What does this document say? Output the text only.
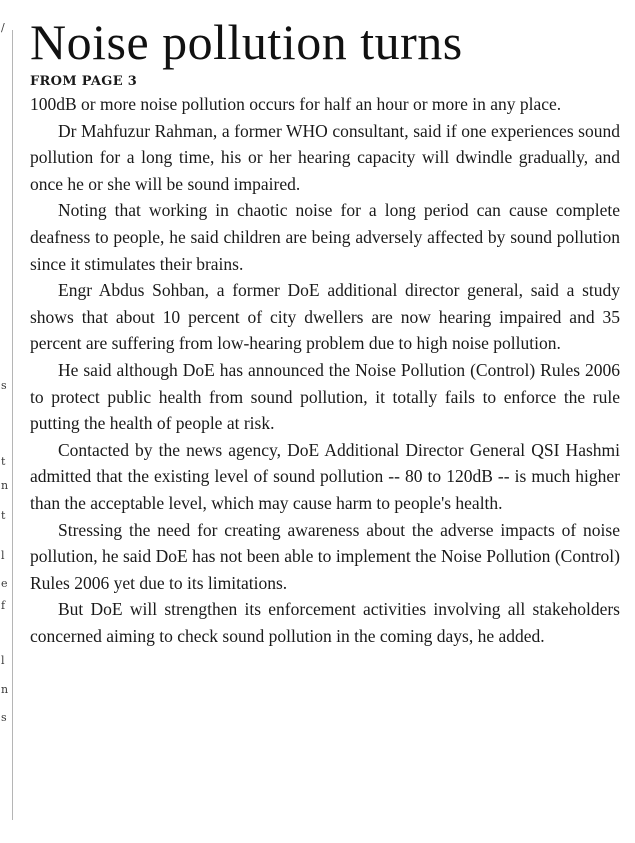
/
s
t
n
t
l
e
f
l
n
s
Noise pollution turns
FROM PAGE 3

100dB or more noise pollution occurs for half an hour or more in any place.

Dr Mahfuzur Rahman, a former WHO consultant, said if one experiences sound pollution for a long time, his or her hearing capacity will dwindle gradually, and once he or she will be sound impaired.

Noting that working in chaotic noise for a long period can cause complete deafness to people, he said children are being adversely affected by sound pollution since it stimulates their brains.

Engr Abdus Sohban, a former DoE additional director general, said a study shows that about 10 percent of city dwellers are now hearing impaired and 35 percent are suffering from low-hearing problem due to high noise pollution.

He said although DoE has announced the Noise Pollution (Control) Rules 2006 to protect public health from sound pollution, it totally fails to enforce the rule putting the health of people at risk.

Contacted by the news agency, DoE Additional Director General QSI Hashmi admitted that the existing level of sound pollution -- 80 to 120dB -- is much higher than the acceptable level, which may cause harm to people's health.

Stressing the need for creating awareness about the adverse impacts of noise pollution, he said DoE has not been able to implement the Noise Pollution (Control) Rules 2006 yet due to its limitations.

But DoE will strengthen its enforcement activities involving all stakeholders concerned aiming to check sound pollution in the coming days, he added.
